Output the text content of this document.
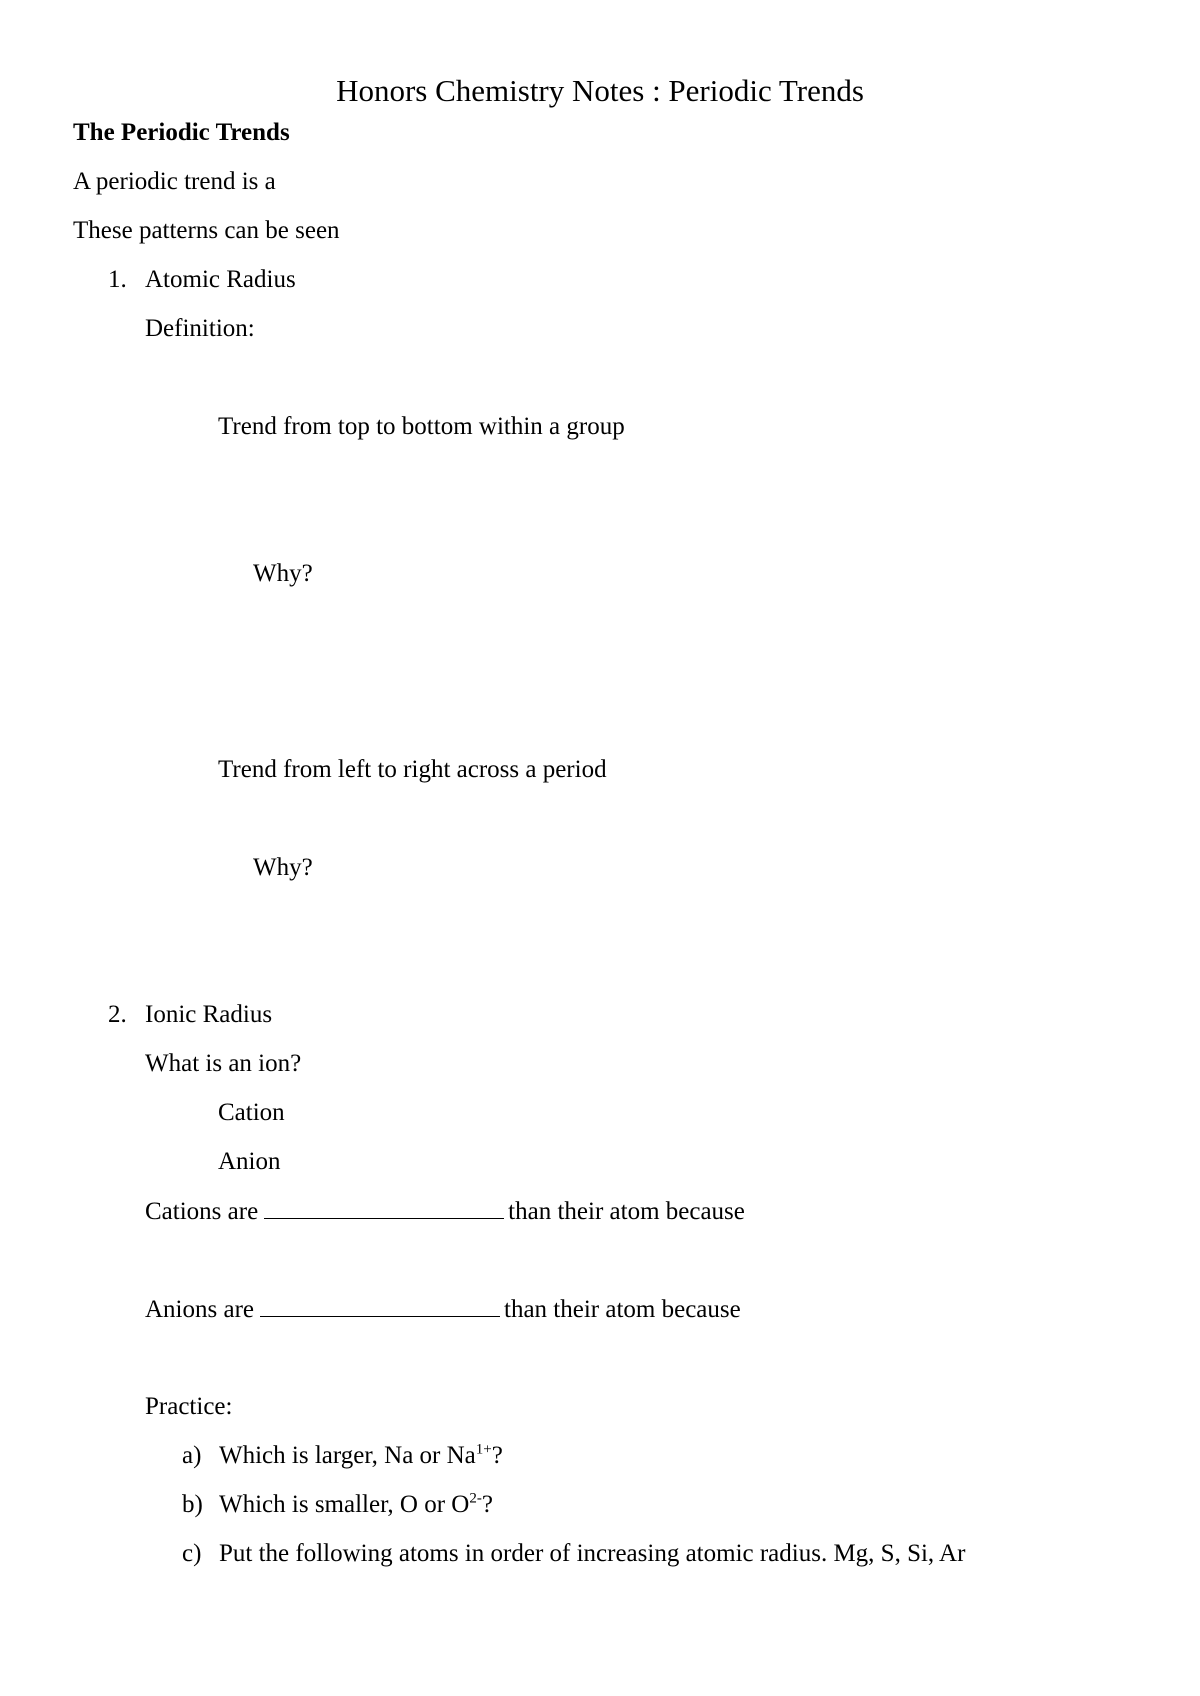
Honors Chemistry Notes : Periodic Trends
The Periodic Trends
A periodic trend is a
These patterns can be seen
1. Atomic Radius
Definition:
Trend from top to bottom within a group
Why?
Trend from left to right across a period
Why?
2. Ionic Radius
What is an ion?
Cation
Anion
Cations are	than their atom because
Anions are	than their atom because
Practice:
a) Which is larger, Na or $Na^{1+}$?
b) Which is smaller, O or $O^{2-}$?
c) Put the following atoms in order of increasing atomic radius. Mg, S, Si, Ar
